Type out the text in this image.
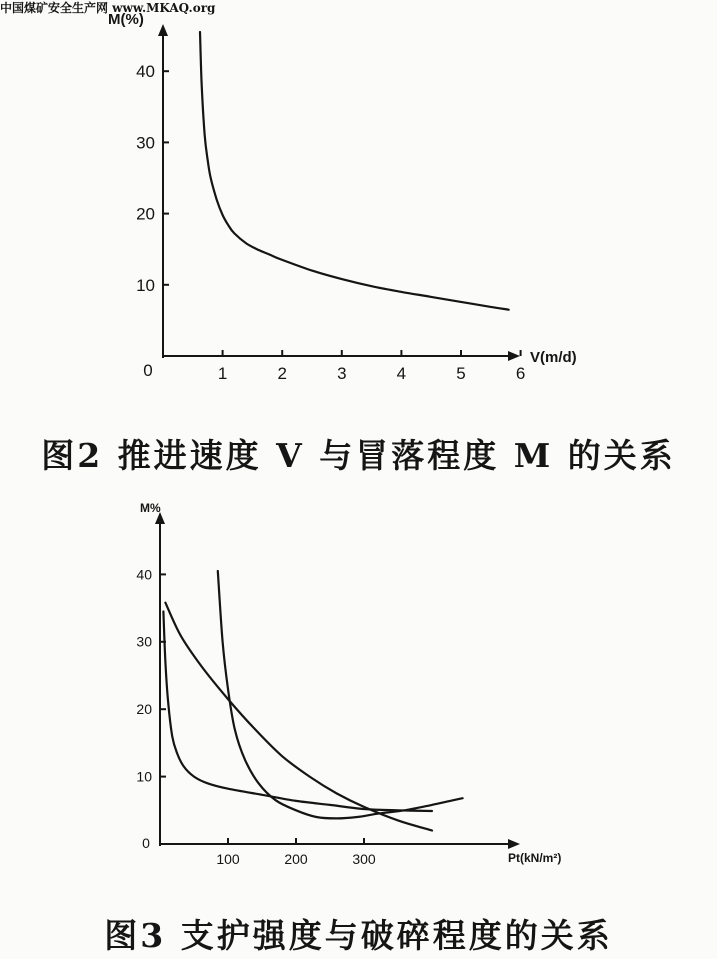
中国煤矿安全生产网 www.MKAQ.org
10
20
30
40
1	2	3	4	5	6
0
M(%)
V(m/d)
10
20
30
40
100	200	300
0
M%
Pt(kN/m²)
图2 推进速度 V 与冒落程度 M 的关系
图3 支护强度与破碎程度的关系
